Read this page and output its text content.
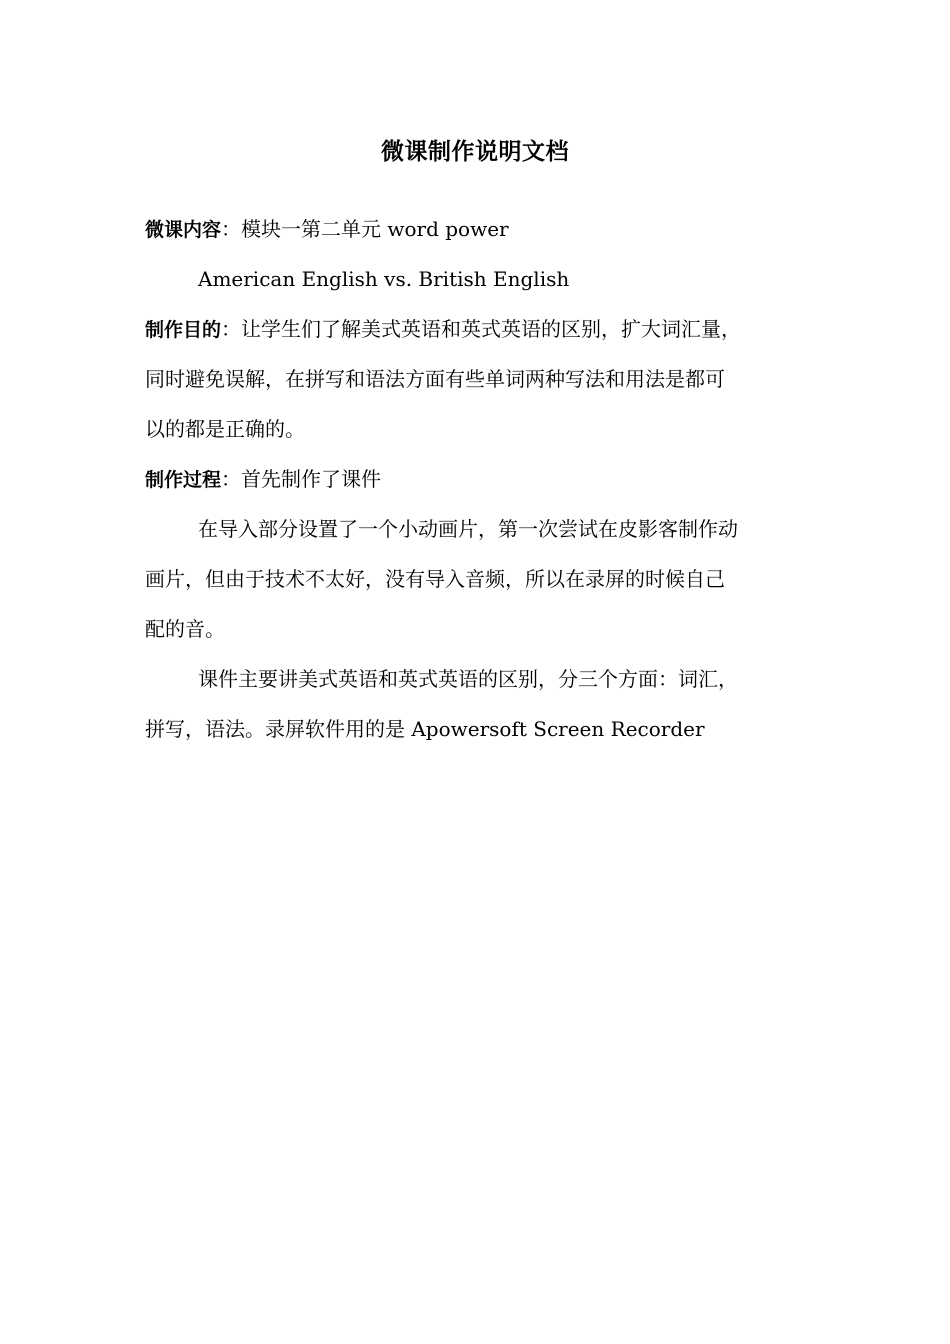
微课制作说明文档
微课内容：模块一第二单元 word power
American English vs. British English
制作目的：让学生们了解美式英语和英式英语的区别，扩大词汇量，
同时避免误解，在拼写和语法方面有些单词两种写法和用法是都可
以的都是正确的。
制作过程：首先制作了课件
在导入部分设置了一个小动画片，第一次尝试在皮影客制作动
画片，但由于技术不太好，没有导入音频，所以在录屏的时候自己
配的音。
课件主要讲美式英语和英式英语的区别，分三个方面：词汇，
拼写，语法。录屏软件用的是 Apowersoft Screen Recorder
